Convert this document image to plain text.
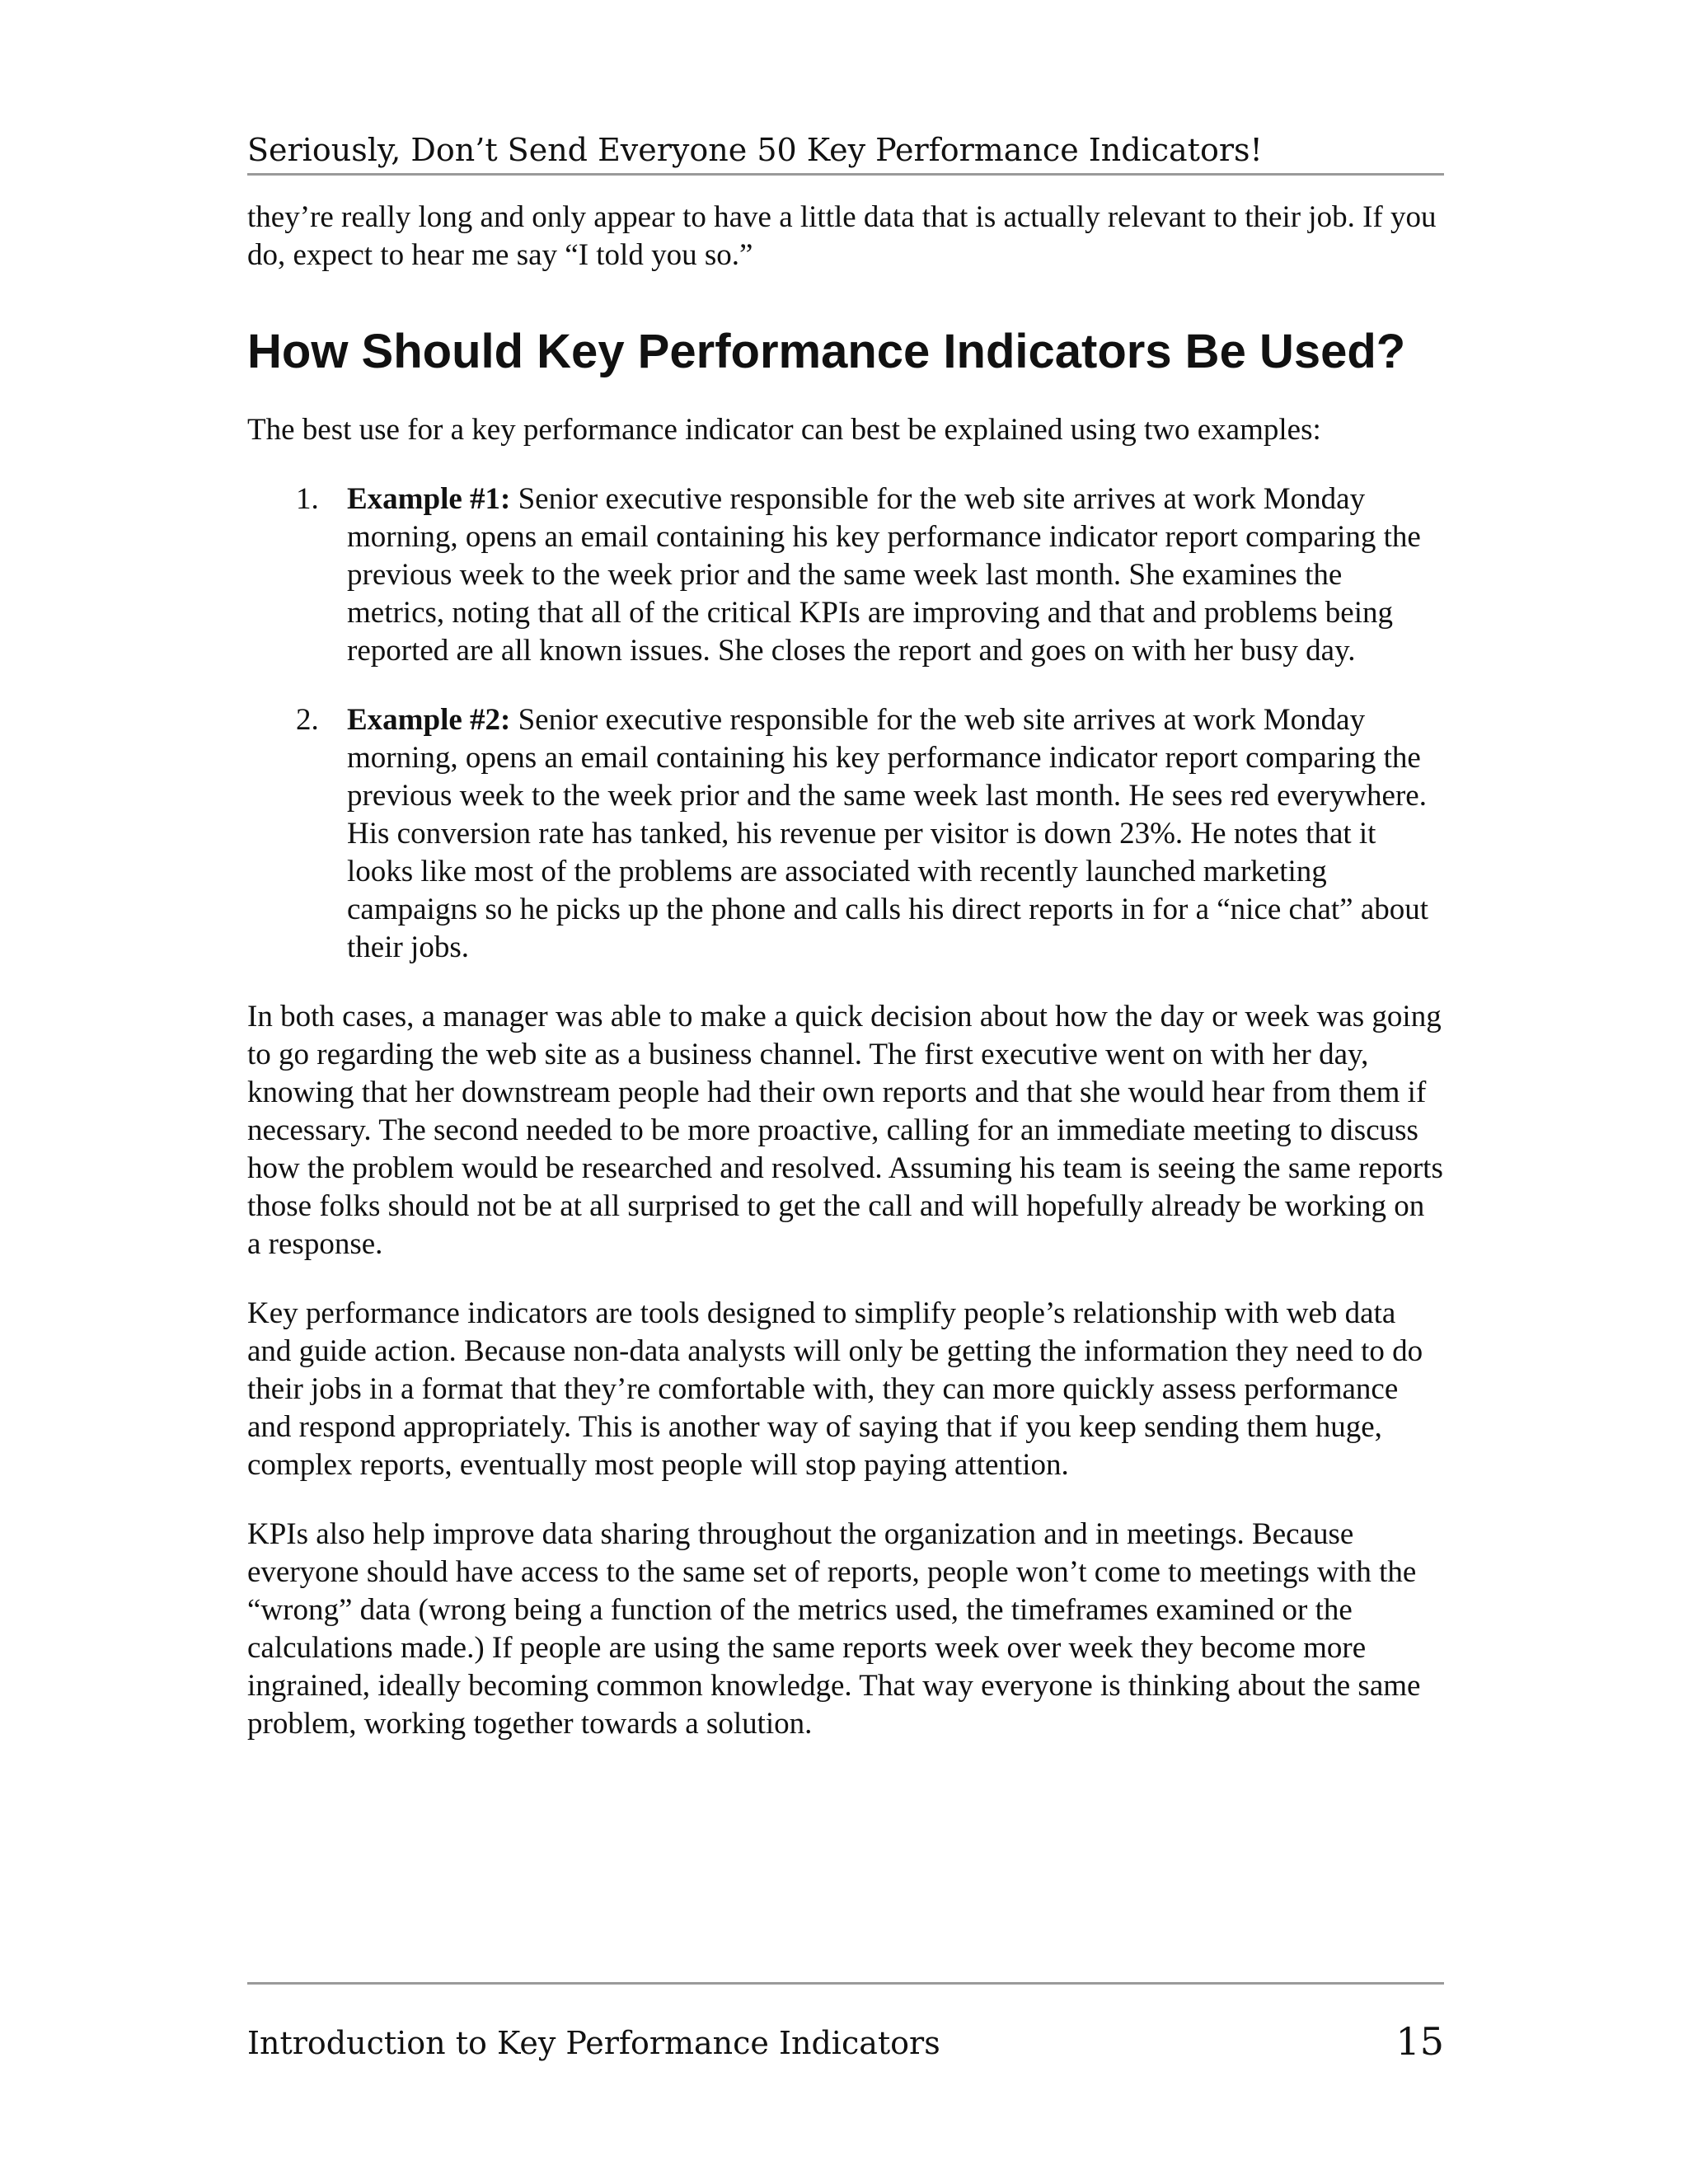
Seriously, Don’t Send Everyone 50 Key Performance Indicators!

they’re really long and only appear to have a little data that is actually relevant to their job. If you do, expect to hear me say “I told you so.”

How Should Key Performance Indicators Be Used?

The best use for a key performance indicator can best be explained using two examples:

1. Example #1: Senior executive responsible for the web site arrives at work Monday morning, opens an email containing his key performance indicator report comparing the previous week to the week prior and the same week last month. She examines the metrics, noting that all of the critical KPIs are improving and that and problems being reported are all known issues. She closes the report and goes on with her busy day.
2. Example #2: Senior executive responsible for the web site arrives at work Monday morning, opens an email containing his key performance indicator report comparing the previous week to the week prior and the same week last month. He sees red everywhere. His conversion rate has tanked, his revenue per visitor is down 23%. He notes that it looks like most of the problems are associated with recently launched marketing campaigns so he picks up the phone and calls his direct reports in for a “nice chat” about their jobs.

In both cases, a manager was able to make a quick decision about how the day or week was going to go regarding the web site as a business channel. The first executive went on with her day, knowing that her downstream people had their own reports and that she would hear from them if necessary. The second needed to be more proactive, calling for an immediate meeting to discuss how the problem would be researched and resolved. Assuming his team is seeing the same reports those folks should not be at all surprised to get the call and will hopefully already be working on a response.

Key performance indicators are tools designed to simplify people’s relationship with web data and guide action. Because non-data analysts will only be getting the information they need to do their jobs in a format that they’re comfortable with, they can more quickly assess performance and respond appropriately. This is another way of saying that if you keep sending them huge, complex reports, eventually most people will stop paying attention.

KPIs also help improve data sharing throughout the organization and in meetings. Because everyone should have access to the same set of reports, people won’t come to meetings with the “wrong” data (wrong being a function of the metrics used, the timeframes examined or the calculations made.) If people are using the same reports week over week they become more ingrained, ideally becoming common knowledge. That way everyone is thinking about the same problem, working together towards a solution.

Introduction to Key Performance Indicators	15
